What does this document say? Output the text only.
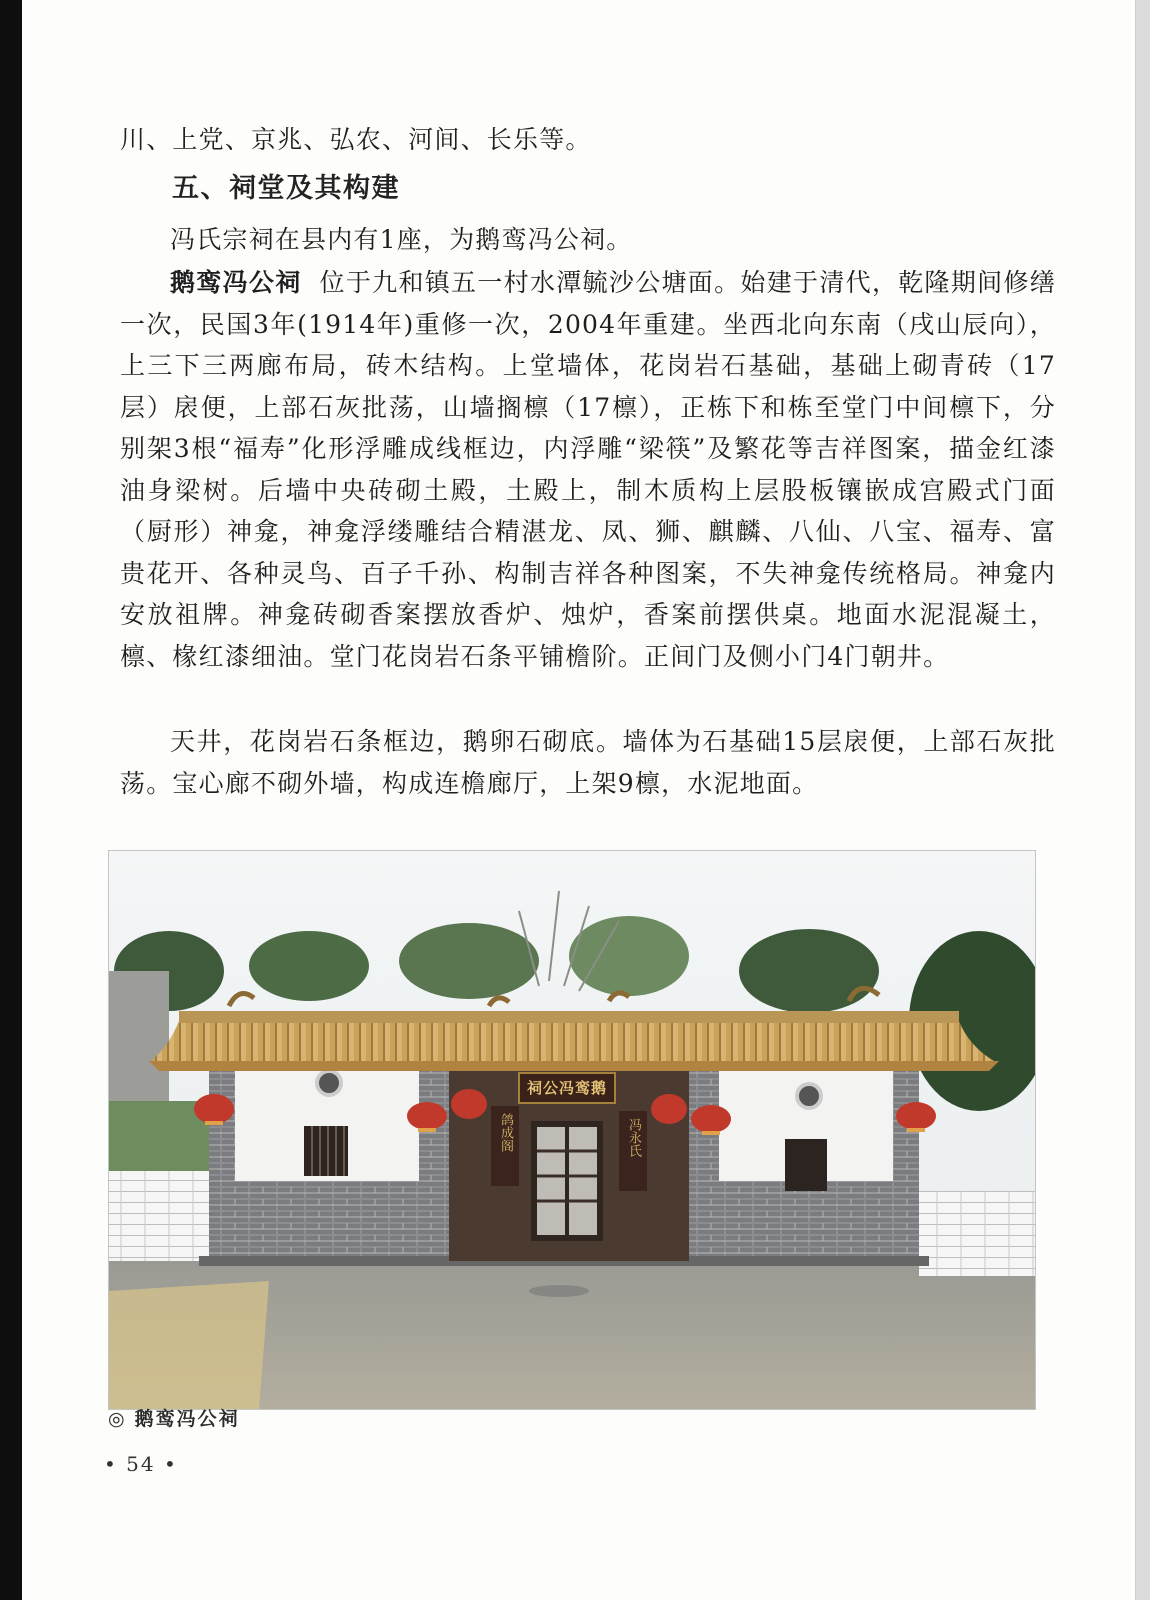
川、上党、京兆、弘农、河间、长乐等。

五、祠堂及其构建

冯氏宗祠在县内有1座，为鹅鸾冯公祠。

鹅鸾冯公祠 位于九和镇五一村水潭毓沙公塘面。始建于清代，乾隆期间修缮一次，民国3年(1914年)重修一次，2004年重建。坐西北向东南（戌山辰向），上三下三两廊布局，砖木结构。上堂墙体，花岗岩石基础，基础上砌青砖（17层）扆便，上部石灰批荡，山墙搁檩（17檩），正栋下和栋至堂门中间檩下，分别架3根“福寿”化形浮雕成线框边，内浮雕“梁筷”及繁花等吉祥图案，描金红漆油身梁树。后墙中央砖砌土殿，土殿上，制木质构上层股板镶嵌成宫殿式门面（厨形）神龛，神龛浮缕雕结合精湛龙、凤、狮、麒麟、八仙、八宝、福寿、富贵花开、各种灵鸟、百子千孙、构制吉祥各种图案，不失神龛传统格局。神龛内安放祖牌。神龛砖砌香案摆放香炉、烛炉，香案前摆供桌。地面水泥混凝土，檩、椽红漆细油。堂门花岗岩石条平铺檐阶。正间门及侧小门4门朝井。

天井，花岗岩石条框边，鹅卵石砌底。墙体为石基础15层扆便，上部石灰批荡。宝心廊不砌外墙，构成连檐廊厅，上架9檩，水泥地面。

祠公冯鸾鹅
鸽成阁	冯永氏
◎ 鹅鸾冯公祠
• 54 •
